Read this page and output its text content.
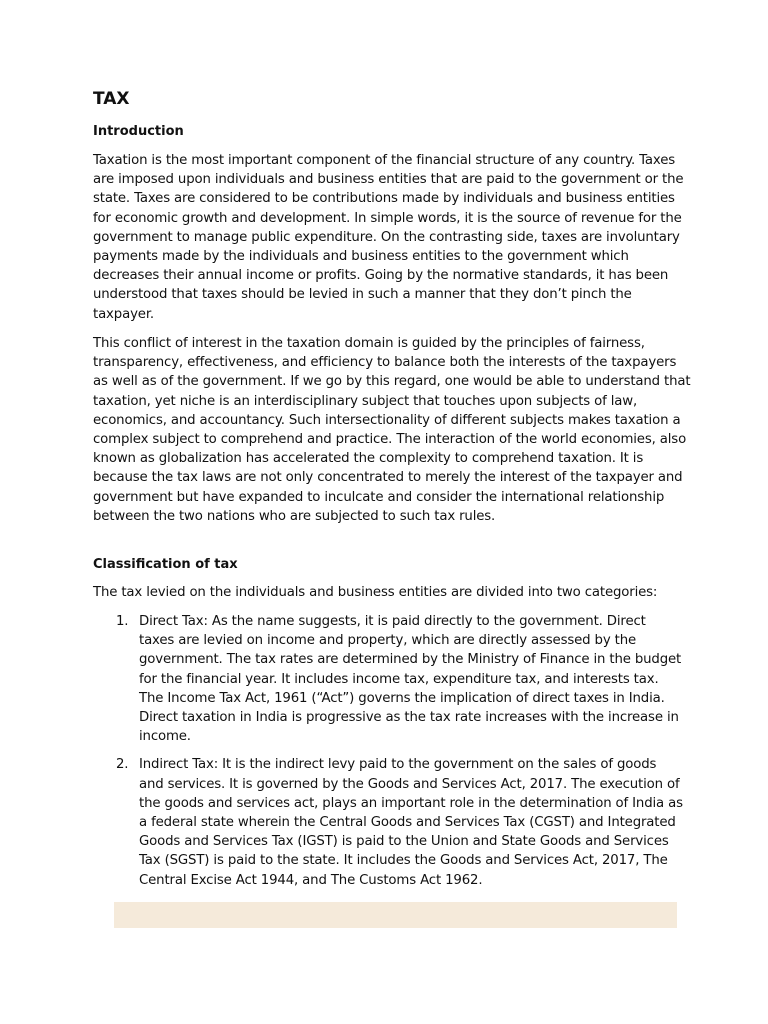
TAX
Introduction

Taxation is the most important component of the financial structure of any country. Taxes are imposed upon individuals and business entities that are paid to the government or the state. Taxes are considered to be contributions made by individuals and business entities for economic growth and development. In simple words, it is the source of revenue for the government to manage public expenditure. On the contrasting side, taxes are involuntary payments made by the individuals and business entities to the government which decreases their annual income or profits. Going by the normative standards, it has been understood that taxes should be levied in such a manner that they don’t pinch the taxpayer.

This conflict of interest in the taxation domain is guided by the principles of fairness, transparency, effectiveness, and efficiency to balance both the interests of the taxpayers as well as of the government. If we go by this regard, one would be able to understand that taxation, yet niche is an interdisciplinary subject that touches upon subjects of law, economics, and accountancy. Such intersectionality of different subjects makes taxation a complex subject to comprehend and practice. The interaction of the world economies, also known as globalization has accelerated the complexity to comprehend taxation. It is because the tax laws are not only concentrated to merely the interest of the taxpayer and government but have expanded to inculcate and consider the international relationship between the two nations who are subjected to such tax rules.

Classification of tax

The tax levied on the individuals and business entities are divided into two categories:

1. Direct Tax: As the name suggests, it is paid directly to the government. Direct taxes are levied on income and property, which are directly assessed by the government. The tax rates are determined by the Ministry of Finance in the budget for the financial year. It includes income tax, expenditure tax, and interests tax. The Income Tax Act, 1961 (“Act”) governs the implication of direct taxes in India. Direct taxation in India is progressive as the tax rate increases with the increase in income.
2. Indirect Tax: It is the indirect levy paid to the government on the sales of goods and services. It is governed by the Goods and Services Act, 2017. The execution of the goods and services act, plays an important role in the determination of India as a federal state wherein the Central Goods and Services Tax (CGST) and Integrated Goods and Services Tax (IGST) is paid to the Union and State Goods and Services Tax (SGST) is paid to the state. It includes the Goods and Services Act, 2017, The Central Excise Act 1944, and The Customs Act 1962.
